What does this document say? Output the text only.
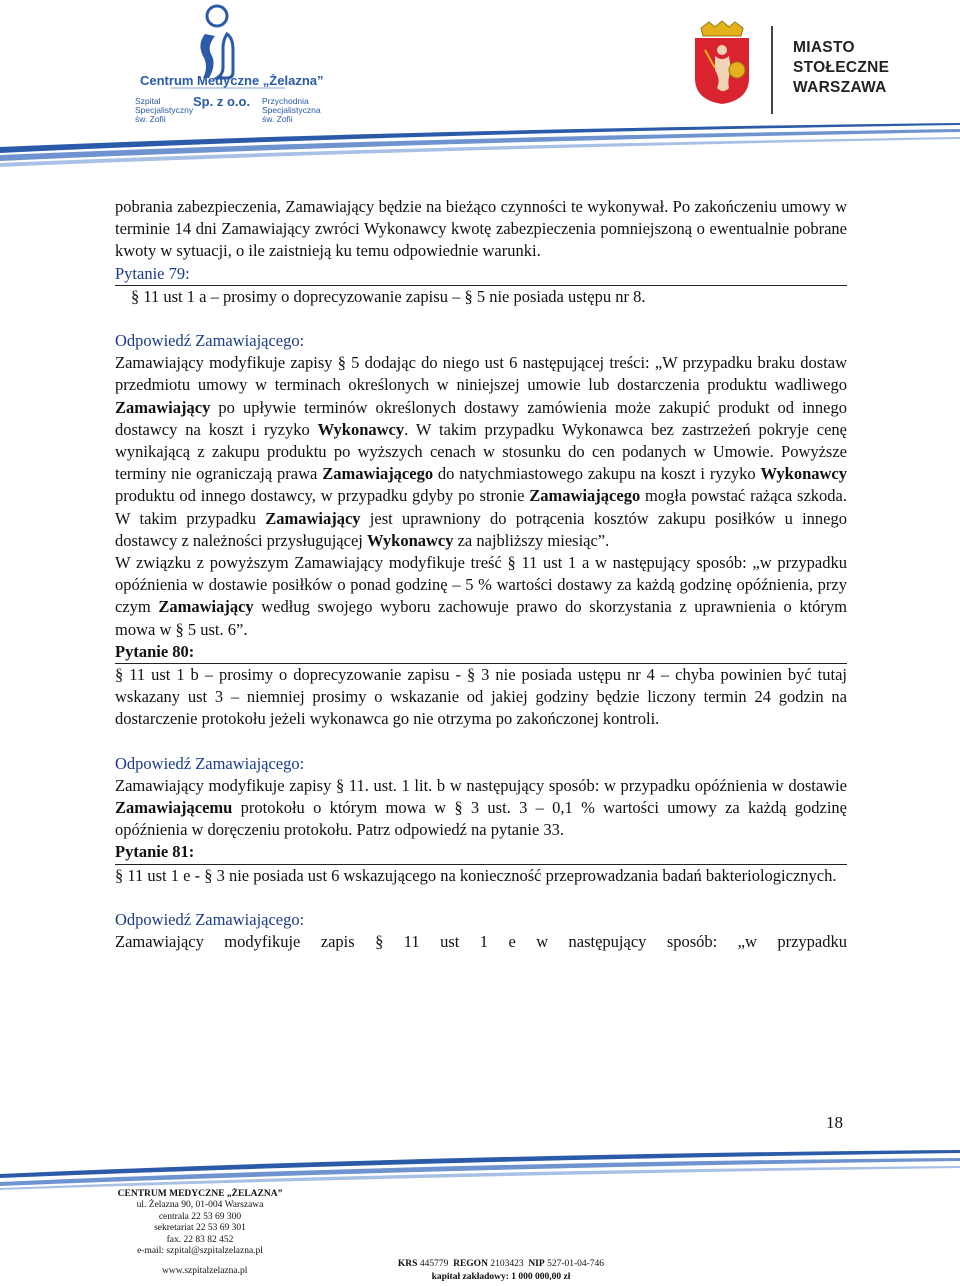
Centrum Medyczne „Żelazna”
Szpital
Specjalistyczny
św. Zofii
Sp. z o.o. Przychodnia
Specjalistyczna
św. Zofii
MIASTO
STOŁECZNE
WARSZAWA

pobrania zabezpieczenia, Zamawiający będzie na bieżąco czynności te wykonywał. Po zakończeniu umowy w terminie 14 dni Zamawiający zwróci Wykonawcy kwotę zabezpieczenia pomniejszoną o ewentualnie pobrane kwoty w sytuacji, o ile zaistnieją ku temu odpowiednie warunki.

Pytanie 79:

§ 11 ust 1 a – prosimy o doprecyzowanie zapisu – § 5 nie posiada ustępu nr 8.

Odpowiedź Zamawiającego:

Zamawiający modyfikuje zapisy § 5 dodając do niego ust 6 następującej treści: „W przypadku braku dostaw przedmiotu umowy w terminach określonych w niniejszej umowie lub dostarczenia produktu wadliwego Zamawiający po upływie terminów określonych dostawy zamówienia może zakupić produkt od innego dostawcy na koszt i ryzyko Wykonawcy. W takim przypadku Wykonawca bez zastrzeżeń pokryje cenę wynikającą z zakupu produktu po wyższych cenach w stosunku do cen podanych w Umowie. Powyższe terminy nie ograniczają prawa Zamawiającego do natychmiastowego zakupu na koszt i ryzyko Wykonawcy produktu od innego dostawcy, w przypadku gdyby po stronie Zamawiającego mogła powstać rażąca szkoda. W takim przypadku Zamawiający jest uprawniony do potrącenia kosztów zakupu posiłków u innego dostawcy z należności przysługującej Wykonawcy za najbliższy miesiąc”.

W związku z powyższym Zamawiający modyfikuje treść § 11 ust 1 a w następujący sposób: „w przypadku opóźnienia w dostawie posiłków o ponad godzinę – 5 % wartości dostawy za każdą godzinę opóźnienia, przy czym Zamawiający według swojego wyboru zachowuje prawo do skorzystania z uprawnienia o którym mowa w § 5 ust. 6”.

Pytanie 80:

§ 11 ust 1 b – prosimy o doprecyzowanie zapisu - § 3 nie posiada ustępu nr 4 – chyba powinien być tutaj wskazany ust 3 – niemniej prosimy o wskazanie od jakiej godziny będzie liczony termin 24 godzin na dostarczenie protokołu jeżeli wykonawca go nie otrzyma po zakończonej kontroli.

Odpowiedź Zamawiającego:

Zamawiający modyfikuje zapisy § 11. ust. 1 lit. b w następujący sposób: w przypadku opóźnienia w dostawie Zamawiającemu protokołu o którym mowa w § 3 ust. 3 – 0,1 % wartości umowy za każdą godzinę opóźnienia w doręczeniu protokołu. Patrz odpowiedź na pytanie 33.

Pytanie 81:

§ 11 ust 1 e - § 3 nie posiada ust 6 wskazującego na konieczność przeprowadzania badań bakteriologicznych.

Odpowiedź Zamawiającego:

Zamawiający modyfikuje zapis § 11 ust 1 e w następujący sposób: „w przypadku

18
CENTRUM MEDYCZNE „ŻELAZNA”
ul. Żelazna 90, 01-004 Warszawa
centrala 22 53 69 300
sekretariat 22 53 69 301
fax. 22 83 82 452
e-mail: szpital@szpitalzelazna.pl
www.szpitalzelazna.pl
KRS 445779 REGON 2103423 NIP 527-01-04-746
kapitał zakładowy: 1 000 000,00 zł
